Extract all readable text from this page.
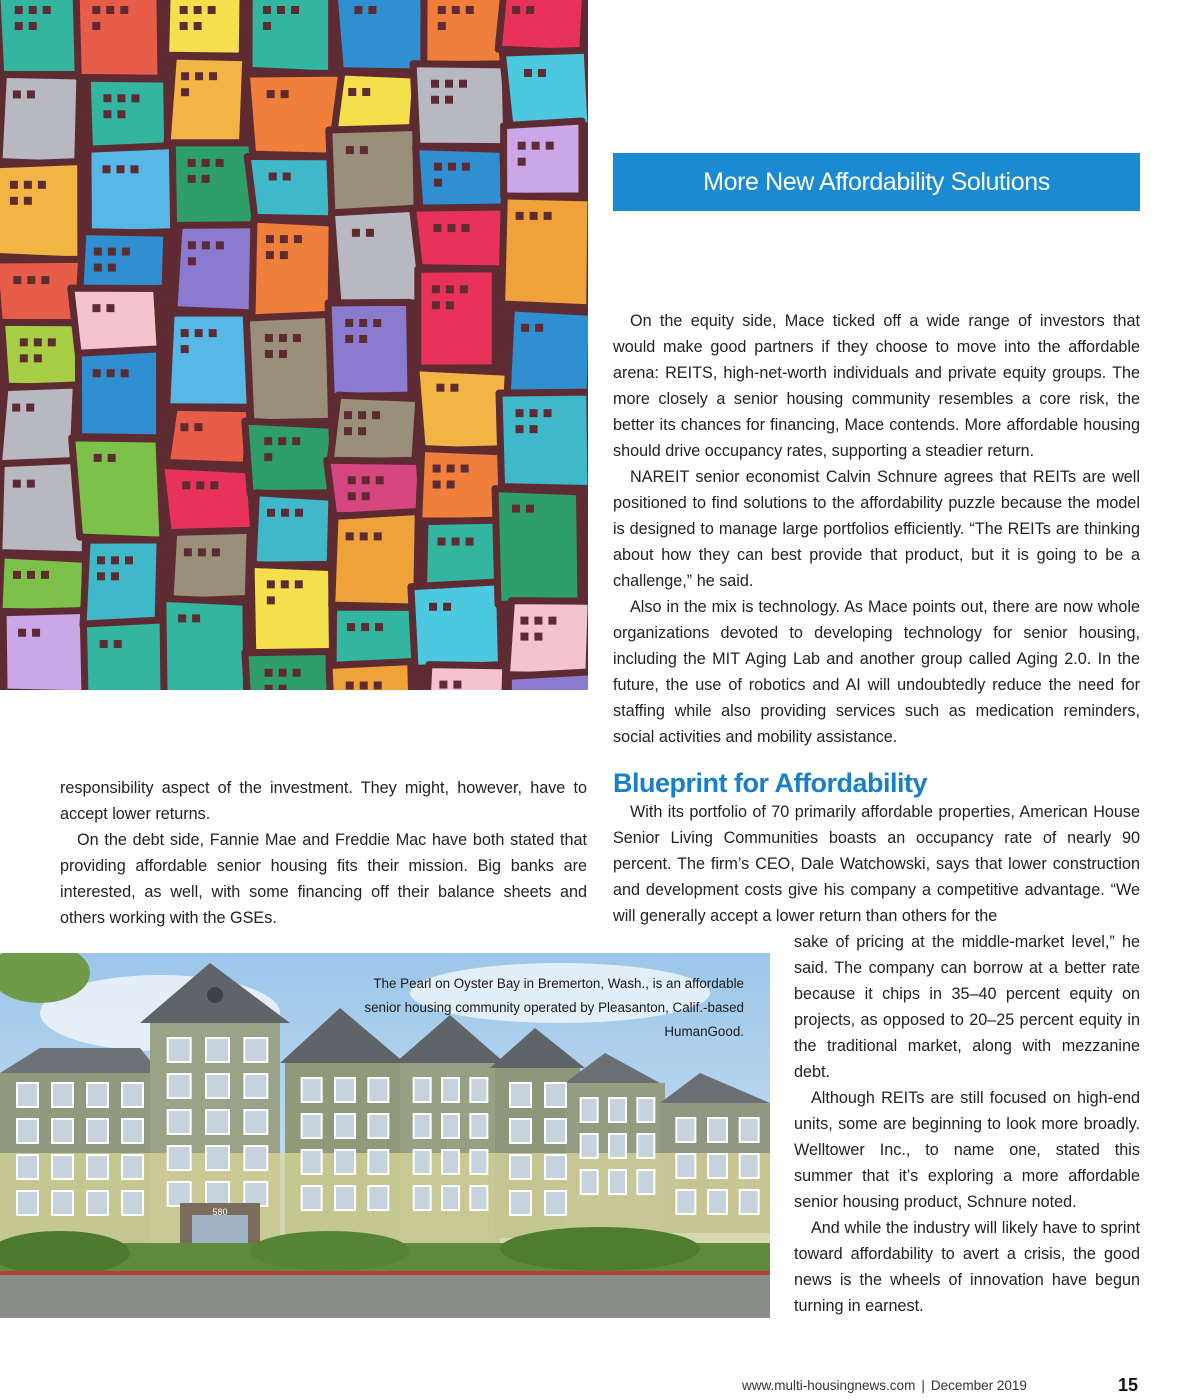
More New Affordability Solutions

On the equity side, Mace ticked off a wide range of investors that would make good partners if they choose to move into the affordable arena: REITS, high-net-worth individuals and private equity groups. The more closely a senior housing community resembles a core risk, the better its chances for financing, Mace contends. More affordable housing should drive occupancy rates, supporting a steadier return.

NAREIT senior economist Calvin Schnure agrees that REITs are well positioned to find solutions to the affordability puzzle because the model is designed to manage large portfolios efficiently. “The REITs are thinking about how they can best provide that product, but it is going to be a challenge,” he said.

Also in the mix is technology. As Mace points out, there are now whole organizations devoted to developing technology for senior housing, including the MIT Aging Lab and another group called Aging 2.0. In the future, the use of robotics and AI will undoubtedly reduce the need for staffing while also providing services such as medication reminders, social activities and mobility assistance.

responsibility aspect of the investment. They might, however, have to accept lower returns.

On the debt side, Fannie Mae and Freddie Mac have both stated that providing affordable senior housing fits their mission. Big banks are interested, as well, with some financing off their balance sheets and others working with the GSEs.

Blueprint for Affordability

With its portfolio of 70 primarily affordable properties, American House Senior Living Communities boasts an occupancy rate of nearly 90 percent. The firm’s CEO, Dale Watchowski, says that lower construction and development costs give his company a competitive advantage. “We will generally accept a lower return than others for the

sake of pricing at the middle-market level,” he said. The company can borrow at a better rate because it chips in 35–40 percent equity on projects, as opposed to 20–25 percent equity in the traditional market, along with mezzanine debt.

Although REITs are still focused on high-end units, some are beginning to look more broadly. Welltower Inc., to name one, stated this summer that it’s exploring a more affordable senior housing product, Schnure noted.

And while the industry will likely have to sprint toward affordability to avert a crisis, the good news is the wheels of innovation have begun turning in earnest.

580
The Pearl on Oyster Bay in Bremerton, Wash., is an affordable senior housing community operated by Pleasanton, Calif.-based HumanGood.
www.multi-housingnews.com | December 2019	15
